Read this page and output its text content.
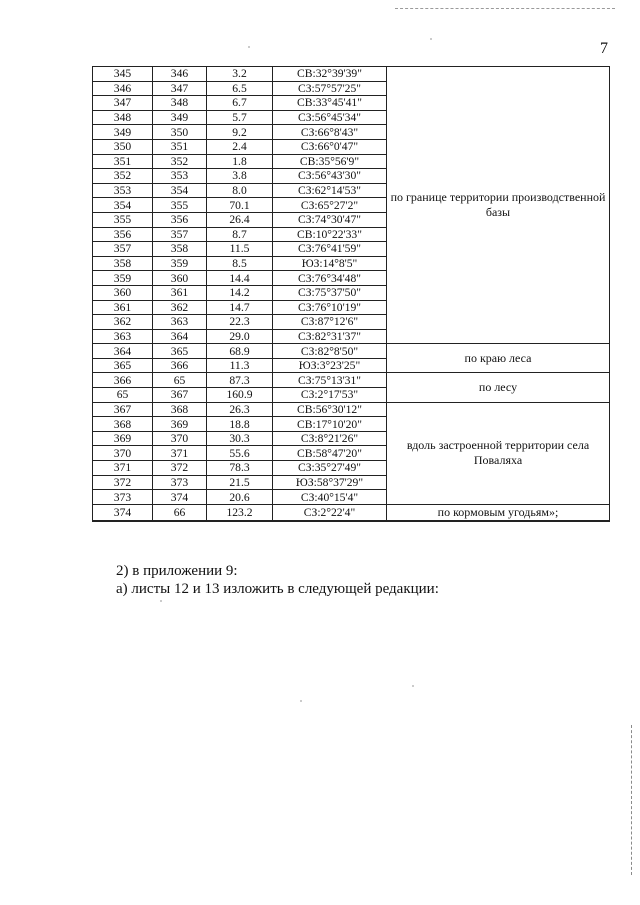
7
345	346	3.2	СВ:32°39'39"	по границе территории производственной базы
346	347	6.5	СЗ:57°57'25"	
347	348	6.7	СВ:33°45'41"	
348	349	5.7	СЗ:56°45'34"	
349	350	9.2	СЗ:66°8'43"	
350	351	2.4	СЗ:66°0'47"	
351	352	1.8	СВ:35°56'9"	
352	353	3.8	СЗ:56°43'30"	
353	354	8.0	СЗ:62°14'53"	
354	355	70.1	СЗ:65°27'2"	
355	356	26.4	СЗ:74°30'47"	
356	357	8.7	СВ:10°22'33"	
357	358	11.5	СЗ:76°41'59"	
358	359	8.5	ЮЗ:14°8'5"	
359	360	14.4	СЗ:76°34'48"	
360	361	14.2	СЗ:75°37'50"	
361	362	14.7	СЗ:76°10'19"	
362	363	22.3	СЗ:87°12'6"	
363	364	29.0	СЗ:82°31'37"	
364	365	68.9	СЗ:82°8'50"	по краю леса
365	366	11.3	ЮЗ:3°23'25"	
366	65	87.3	СЗ:75°13'31"	по лесу
65	367	160.9	СЗ:2°17'53"	
367	368	26.3	СВ:56°30'12"	вдоль застроенной территории села Поваляха
368	369	18.8	СВ:17°10'20"	
369	370	30.3	СЗ:8°21'26"	
370	371	55.6	СВ:58°47'20"	
371	372	78.3	СЗ:35°27'49"	
372	373	21.5	ЮЗ:58°37'29"	
373	374	20.6	СЗ:40°15'4"	
374	66	123.2	СЗ:2°22'4"	по кормовым угодьям»;
2) в приложении 9:
а) листы 12 и 13 изложить в следующей редакции:
